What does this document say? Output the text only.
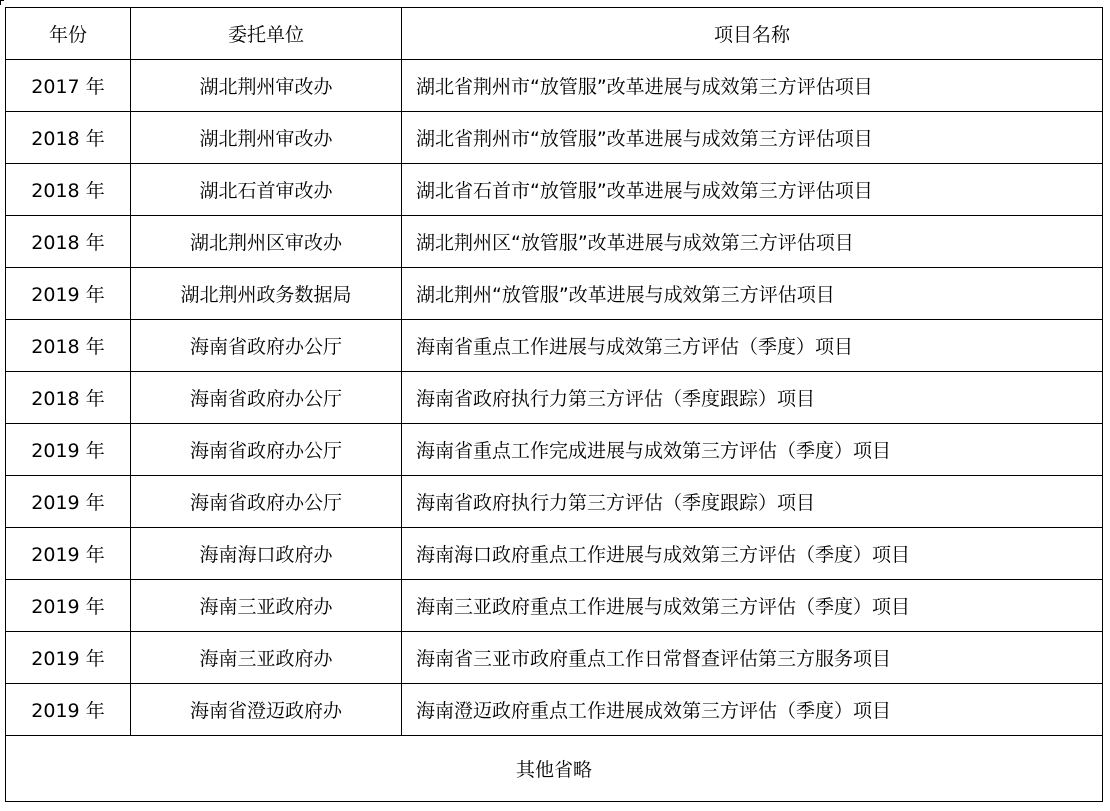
年份	委托单位	项目名称
2017 年	湖北荆州审改办	湖北省荆州市“放管服”改革进展与成效第三方评估项目
2018 年	湖北荆州审改办	湖北省荆州市“放管服”改革进展与成效第三方评估项目
2018 年	湖北石首审改办	湖北省石首市“放管服”改革进展与成效第三方评估项目
2018 年	湖北荆州区审改办	湖北荆州区“放管服”改革进展与成效第三方评估项目
2019 年	湖北荆州政务数据局	湖北荆州“放管服”改革进展与成效第三方评估项目
2018 年	海南省政府办公厅	海南省重点工作进展与成效第三方评估（季度）项目
2018 年	海南省政府办公厅	海南省政府执行力第三方评估（季度跟踪）项目
2019 年	海南省政府办公厅	海南省重点工作完成进展与成效第三方评估（季度）项目
2019 年	海南省政府办公厅	海南省政府执行力第三方评估（季度跟踪）项目
2019 年	海南海口政府办	海南海口政府重点工作进展与成效第三方评估（季度）项目
2019 年	海南三亚政府办	海南三亚政府重点工作进展与成效第三方评估（季度）项目
2019 年	海南三亚政府办	海南省三亚市政府重点工作日常督查评估第三方服务项目
2019 年	海南省澄迈政府办	海南澄迈政府重点工作进展成效第三方评估（季度）项目
其他省略		
